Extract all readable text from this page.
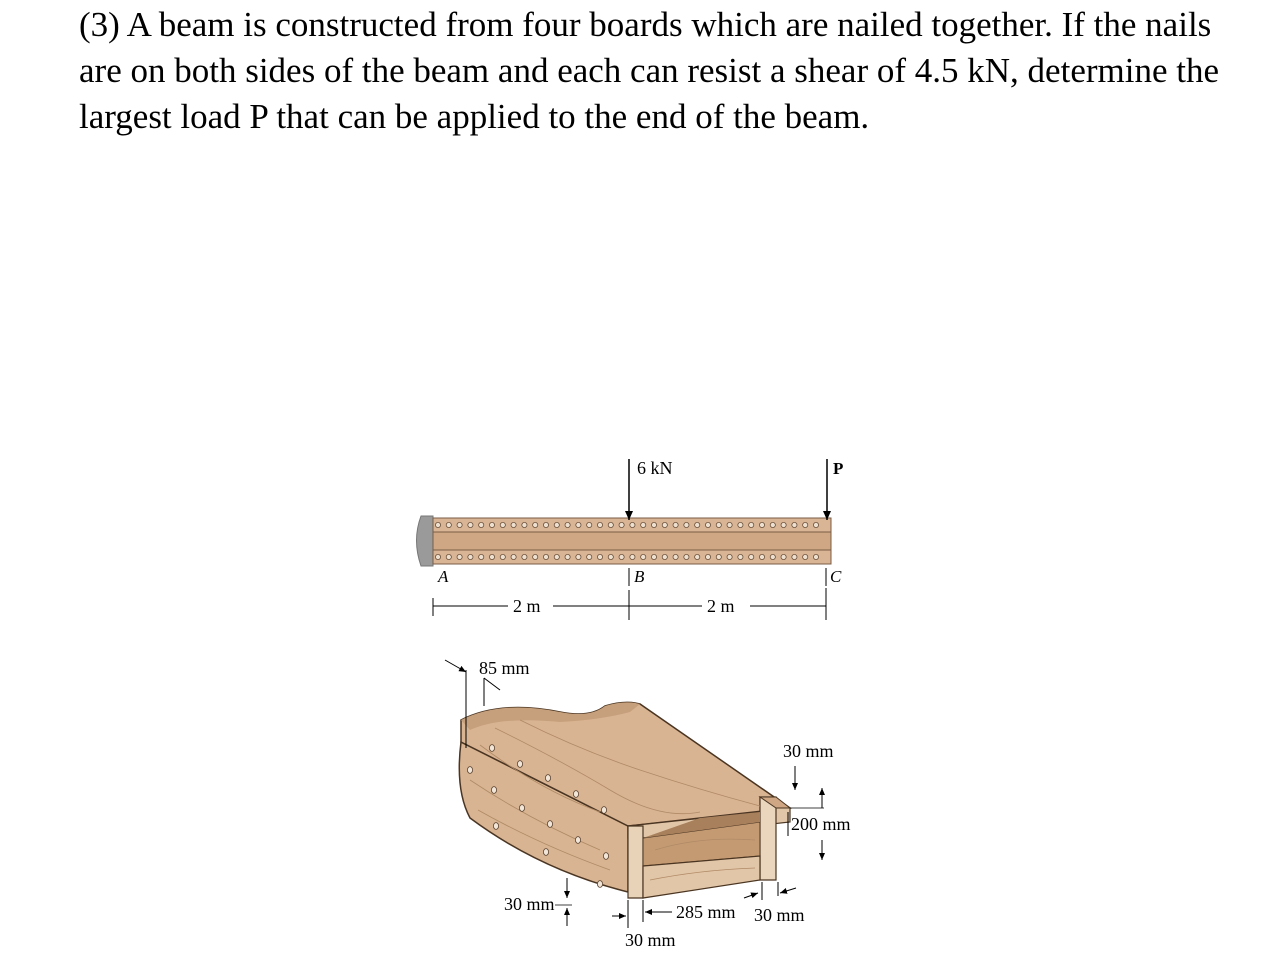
(3) A beam is constructed from four boards which are nailed together. If the nails are on both sides of the beam and each can resist a shear of 4.5 kN, determine the largest load P that can be applied to the end of the beam.

6 kN	P
A	B	C
2 m	2 m
85 mm
30 mm
200 mm
30 mm	285 mm 30 mm
30 mm
